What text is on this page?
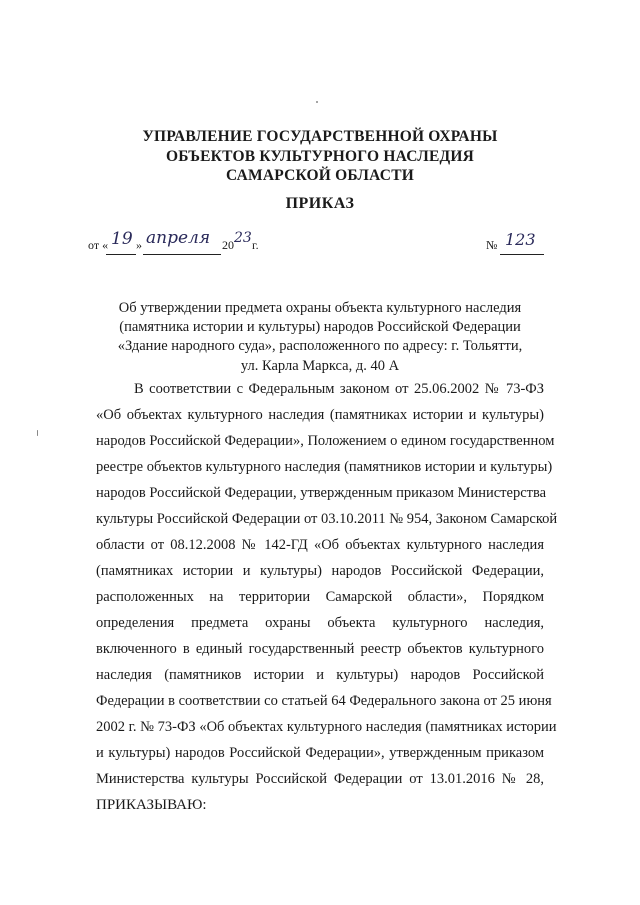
УПРАВЛЕНИЕ ГОСУДАРСТВЕННОЙ ОХРАНЫ
ОБЪЕКТОВ КУЛЬТУРНОГО НАСЛЕДИЯ
САМАРСКОЙ ОБЛАСТИ
ПРИКАЗ
от « 19 » апреля 20 23 г.	№ 123
Об утверждении предмета охраны объекта культурного наследия
(памятника истории и культуры) народов Российской Федерации
«Здание народного суда», расположенного по адресу: г. Тольятти,
ул. Карла Маркса, д. 40 А
В соответствии с Федеральным законом от 25.06.2002 № 73-ФЗ
«Об объектах культурного наследия (памятниках истории и культуры)
народов Российской Федерации», Положением о едином государственном
реестре объектов культурного наследия (памятников истории и культуры)
народов Российской Федерации, утвержденным приказом Министерства
культуры Российской Федерации от 03.10.2011 № 954, Законом Самарской
области от 08.12.2008 № 142-ГД «Об объектах культурного наследия
(памятниках истории и культуры) народов Российской Федерации,
расположенных на территории Самарской области», Порядком
определения предмета охраны объекта культурного наследия,
включенного в единый государственный реестр объектов культурного
наследия (памятников истории и культуры) народов Российской
Федерации в соответствии со статьей 64 Федерального закона от 25 июня
2002 г. № 73-ФЗ «Об объектах культурного наследия (памятниках истории
и культуры) народов Российской Федерации», утвержденным приказом
Министерства культуры Российской Федерации от 13.01.2016 № 28,
ПРИКАЗЫВАЮ:
